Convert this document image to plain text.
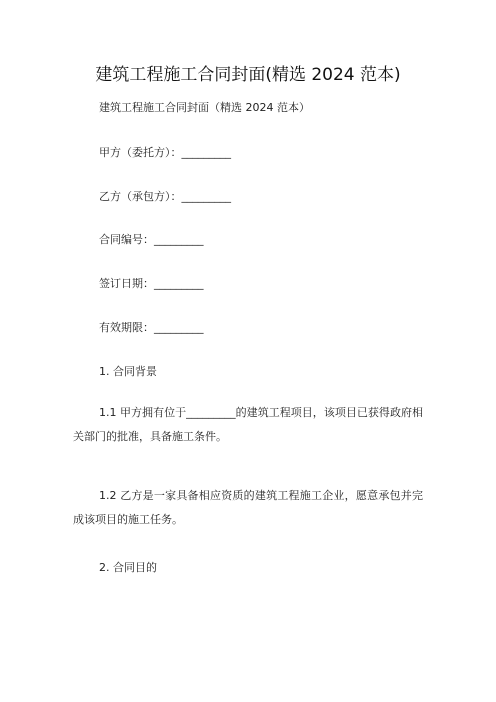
建筑工程施工合同封面(精选 2024 范本)
建筑工程施工合同封面（精选 2024 范本）
甲方（委托方）：_________
乙方（承包方）：_________
合同编号：_________
签订日期：_________
有效期限：_________
1. 合同背景
1.1 甲方拥有位于_________的建筑工程项目，该项目已获得政府相关部门的批准，具备施工条件。
1.2 乙方是一家具备相应资质的建筑工程施工企业，愿意承包并完成该项目的施工任务。
2. 合同目的
